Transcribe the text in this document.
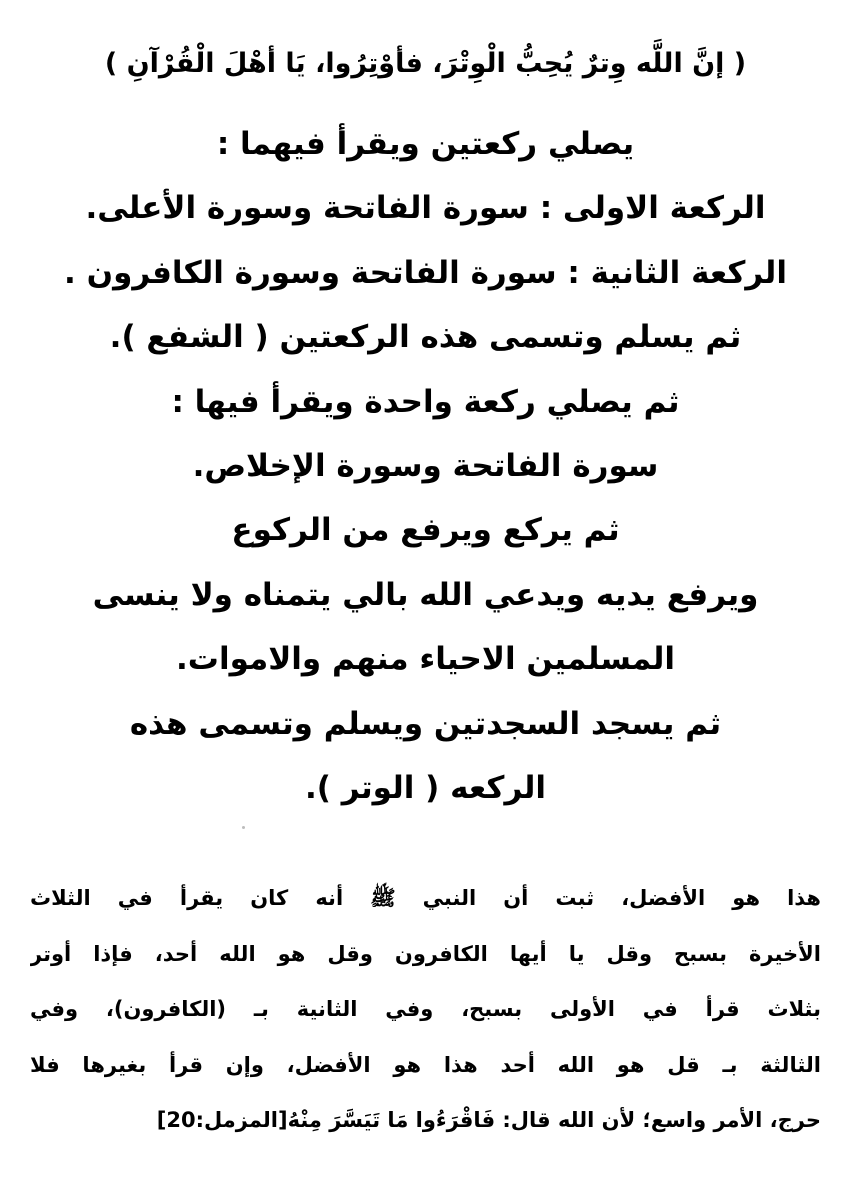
( إنَّ اللَّه وِترٌ يُحِبُّ الْوِتْرَ، فأوْتِرُوا، يَا أهْلَ الْقُرْآنِ )
يصلي ركعتين ويقرأ فيهما :
الركعة الاولى : سورة الفاتحة وسورة الأعلى.
الركعة الثانية : سورة الفاتحة وسورة الكافرون .
ثم يسلم وتسمى هذه الركعتين ( الشفع ).
ثم يصلي ركعة واحدة ويقرأ فيها :
سورة الفاتحة وسورة الإخلاص.
ثم يركع ويرفع من الركوع
ويرفع يديه ويدعي الله بالي يتمناه ولا ينسى
المسلمين الاحياء منهم والاموات.
ثم يسجد السجدتين ويسلم وتسمى هذه
الركعه ( الوتر ).
هذا هو الأفضل، ثبت أن النبي ﷺ أنه كان يقرأ في الثلاث
الأخيرة بسبح وقل يا أيها الكافرون وقل هو الله أحد، فإذا أوتر
بثلاث قرأ في الأولى بسبح، وفي الثانية بـ (الكافرون)، وفي
الثالثة بـ قل هو الله أحد هذا هو الأفضل، وإن قرأ بغيرها فلا
حرج، الأمر واسع؛ لأن الله قال: فَاقْرَءُوا مَا تَيَسَّرَ مِنْهُ[المزمل:20]
